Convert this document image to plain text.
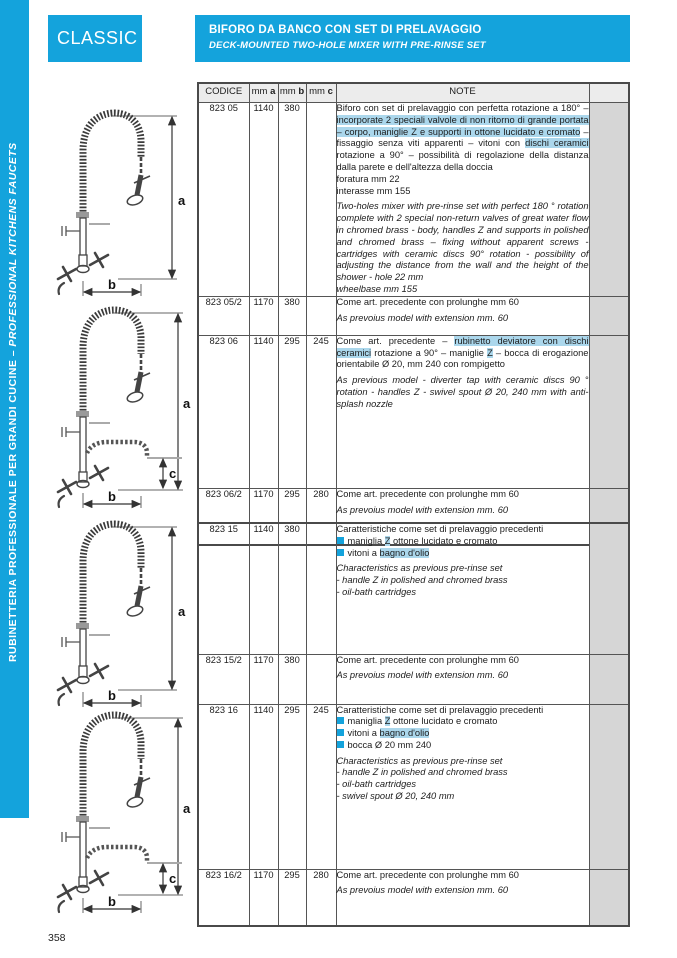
RUBINETTERIA PROFESSIONALE PER GRANDI CUCINE – PROFESSIONAL KITCHENS FAUCETS
CLASSIC	BIFORO DA BANCO CON SET DI PRELAVAGGIO
DECK-MOUNTED TWO-HOLE MIXER WITH PRE-RINSE SET
a
b
a
c
b
a
b
a
c
b
CODICE	mm a	mm b	mm c	NOTE	
823 05	1140	380		Biforo con set di prelavaggio con perfetta rotazione a 180° – incorporate 2 speciali valvole di non ritorno di grande portata – corpo, maniglie Z e supporti in ottone lucidato e cromato – fissaggio senza viti apparenti – vitoni con dischi ceramici rotazione a 90° – possibilità di regolazione della distanza dalla parete e dell'altezza della doccia
foratura mm 22
interasse mm 155
Two-holes mixer with pre-rinse set with perfect 180 ° rotation complete with 2 special non-return valves of great water flow in chromed brass - body, handles Z and supports in polished and chromed brass – fixing without apparent screws - cartridges with ceramic discs 90° rotation - possibility of adjusting the distance from the wall and the height of the shower - hole 22 mm
wheelbase mm 155	

823 05/2	1170	380		Come art. precedente con prolunghe mm 60
As prevoius model with extension mm. 60	

823 06	1140	295	245	Come art. precedente – rubinetto deviatore con dischi ceramici rotazione a 90° – maniglie Z – bocca di erogazione orientabile Ø 20, mm 240 con rompigetto
As previous model - diverter tap with ceramic discs 90 ° rotation - handles Z - swivel spout Ø 20, 240 mm with anti-splash nozzle	

823 06/2	1170	295	280	Come art. precedente con prolunghe mm 60
As prevoius model with extension mm. 60	

823 15	1140	380		Caratteristiche come set di prelavaggio precedenti
maniglia Z ottone lucidato e cromato
vitoni a bagno d'olio
Characteristics as previous pre-rinse set
- handle Z in polished and chromed brass
- oil-bath cartridges

823 15/2	1170	380		Come art. precedente con prolunghe mm 60
As prevoius model with extension mm. 60	

823 16	1140	295	245	Caratteristiche come set di prelavaggio precedenti
maniglia Z ottone lucidato e cromato
vitoni a bagno d'olio
bocca Ø 20 mm 240
Characteristics as previous pre-rinse set
- handle Z in polished and chromed brass
- oil-bath cartridges
- swivel spout Ø 20, 240 mm

823 16/2	1170	295	280	Come art. precedente con prolunghe mm 60
As prevoius model with extension mm. 60	

358
